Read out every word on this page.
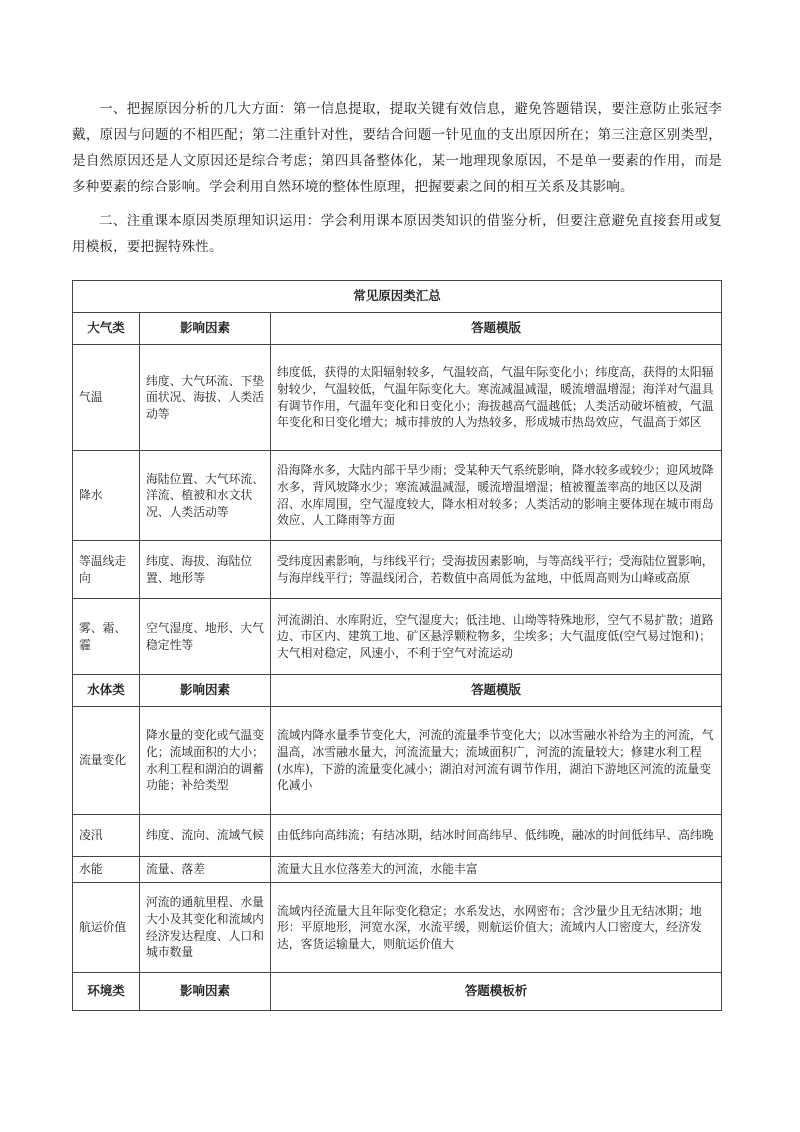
一、把握原因分析的几大方面：第一信息提取，提取关键有效信息，避免答题错误，要注意防止张冠李戴，原因与问题的不相匹配；第二注重针对性，要结合问题一针见血的支出原因所在；第三注意区别类型，是自然原因还是人文原因还是综合考虑；第四具备整体化，某一地理现象原因，不是单一要素的作用，而是多种要素的综合影响。学会利用自然环境的整体性原理，把握要素之间的相互关系及其影响。

二、注重课本原因类原理知识运用：学会利用课本原因类知识的借鉴分析，但要注意避免直接套用或复用模板，要把握特殊性。

常见原因类汇总		
大气类	影响因素	答题模版
气温	纬度、大气环流、下垫面状况、海拔、人类活动等	纬度低，获得的太阳辐射较多，气温较高，气温年际变化小；纬度高，获得的太阳辐射较少，气温较低，气温年际变化大。寒流减温减湿，暖流增温增湿；海洋对气温具有调节作用，气温年变化和日变化小；海拔越高气温越低；人类活动破坏植被，气温年变化和日变化增大；城市排放的人为热较多，形成城市热岛效应，气温高于郊区
降水	海陆位置、大气环流、洋流、植被和水文状况、人类活动等	沿海降水多，大陆内部干旱少雨；受某种天气系统影响，降水较多或较少；迎风坡降水多，背风坡降水少；寒流减温减湿，暖流增温增湿；植被覆盖率高的地区以及湖沼、水库周围，空气湿度较大，降水相对较多；人类活动的影响主要体现在城市雨岛效应、人工降雨等方面
等温线走向	纬度、海拔、海陆位置、地形等	受纬度因素影响，与纬线平行；受海拔因素影响，与等高线平行；受海陆位置影响，与海岸线平行；等温线闭合，若数值中高周低为盆地，中低周高则为山峰或高原
雾、霜、霾	空气湿度、地形、大气稳定性等	河流湖泊、水库附近，空气湿度大；低洼地、山坳等特殊地形，空气不易扩散；道路边、市区内、建筑工地、矿区悬浮颗粒物多，尘埃多；大气温度低(空气易过饱和)；大气相对稳定，风速小，不利于空气对流运动
水体类	影响因素	答题模版
流量变化	降水量的变化或气温变化；流域面积的大小；水利工程和湖泊的调蓄功能；补给类型	流域内降水量季节变化大，河流的流量季节变化大；以冰雪融水补给为主的河流，气温高，冰雪融水量大，河流流量大；流域面积广，河流的流量较大；修建水利工程(水库)，下游的流量变化减小；湖泊对河流有调节作用，湖泊下游地区河流的流量变化减小
凌汛	纬度、流向、流域气候	由低纬向高纬流；有结冰期，结冰时间高纬早、低纬晚，融冰的时间低纬早、高纬晚
水能	流量、落差	流量大且水位落差大的河流，水能丰富
航运价值	河流的通航里程、水量大小及其变化和流域内经济发达程度、人口和城市数量	流域内径流量大且年际变化稳定；水系发达，水网密布；含沙量少且无结冰期；地形：平原地形，河宽水深，水流平缓，则航运价值大；流域内人口密度大，经济发达，客货运输量大，则航运价值大
环境类	影响因素	答题模板析
